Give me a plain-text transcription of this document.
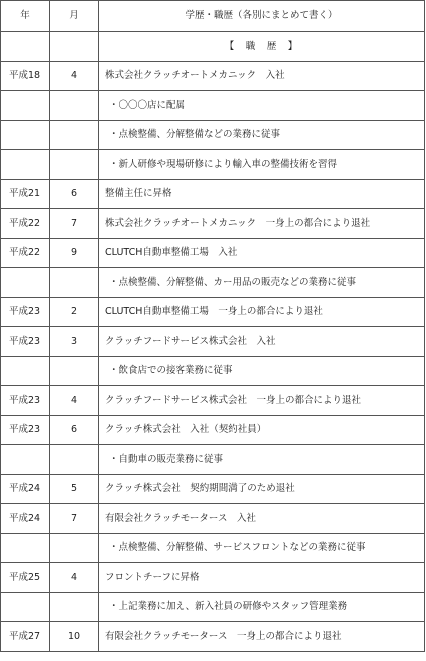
年	月	学歴・職歴（各別にまとめて書く）
		【　職　歴　】
平成18	4	株式会社クラッチオートメカニック　入社
		・〇〇〇店に配属
		・点検整備、分解整備などの業務に従事
		・新人研修や現場研修により輸入車の整備技術を習得
平成21	6	整備主任に昇格
平成22	7	株式会社クラッチオートメカニック　一身上の都合により退社
平成22	9	CLUTCH自動車整備工場　入社
		・点検整備、分解整備、カー用品の販売などの業務に従事
平成23	2	CLUTCH自動車整備工場　一身上の都合により退社
平成23	3	クラッチフードサービス株式会社　入社
		・飲食店での接客業務に従事
平成23	4	クラッチフードサービス株式会社　一身上の都合により退社
平成23	6	クラッチ株式会社　入社（契約社員）
		・自動車の販売業務に従事
平成24	5	クラッチ株式会社　契約期間満了のため退社
平成24	7	有限会社クラッチモータース　入社
		・点検整備、分解整備、サービスフロントなどの業務に従事
平成25	4	フロントチーフに昇格
		・上記業務に加え、新入社員の研修やスタッフ管理業務
平成27	10	有限会社クラッチモータース　一身上の都合により退社
